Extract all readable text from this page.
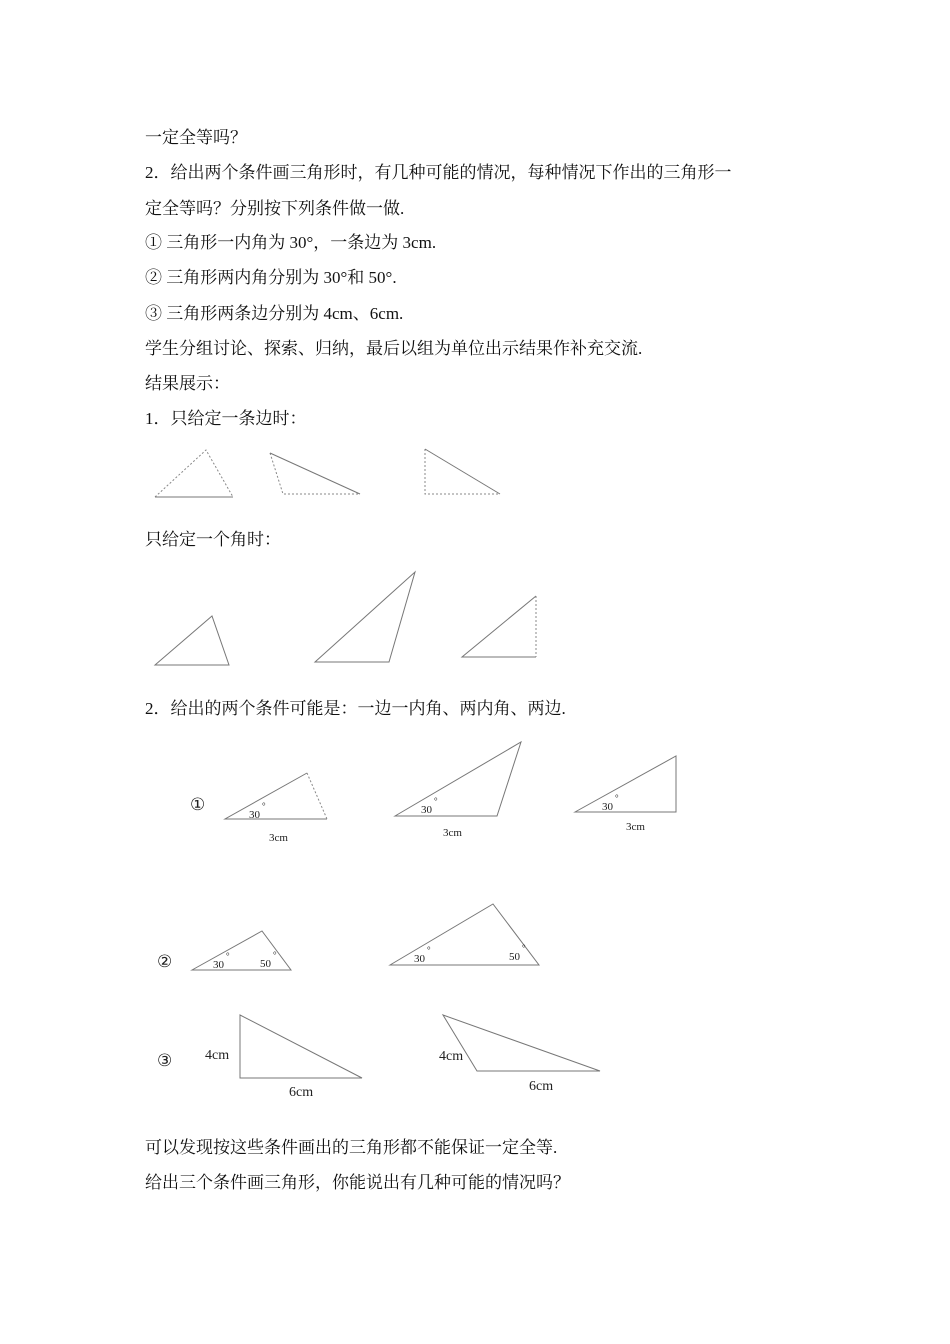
一定全等吗？
2．给出两个条件画三角形时，有几种可能的情况，每种情况下作出的三角形一
定全等吗？分别按下列条件做一做.
① 三角形一内角为 30°，一条边为 3cm.
② 三角形两内角分别为 30°和 50°.
③ 三角形两条边分别为 4cm、6cm.
学生分组讨论、探索、归纳，最后以组为单位出示结果作补充交流.
结果展示：
1．只给定一条边时：
只给定一个角时：
2．给出的两个条件可能是：一边一内角、两内角、两边.
可以发现按这些条件画出的三角形都不能保证一定全等.
给出三个条件画三角形，你能说出有几种可能的情况吗？
①
30
°
3cm
30
°
3cm
30
°
3cm
②	30
°
50
°	30
°
50
°
③ 4cm
6cm
4cm
6cm
